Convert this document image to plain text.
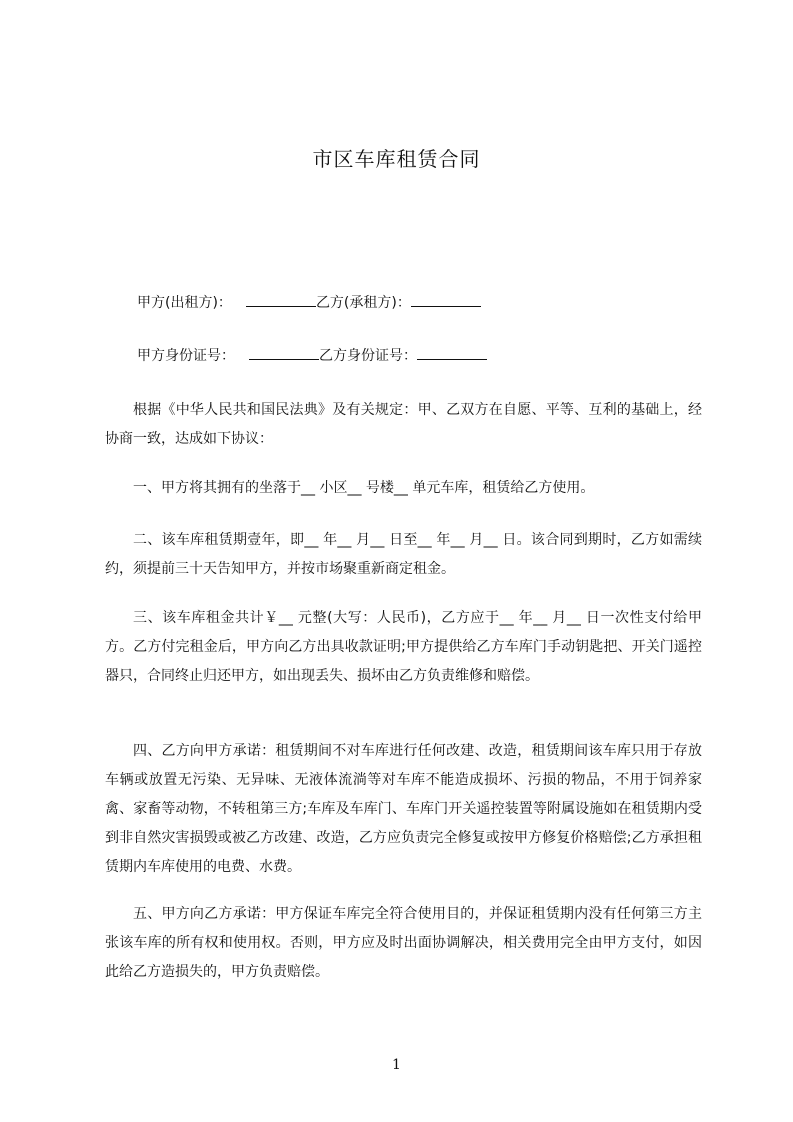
市区车库租赁合同
甲方(出租方)：	乙方(承租方)：
甲方身份证号：	乙方身份证号：
根据《中华人民共和国民法典》及有关规定：甲、乙双方在自愿、平等、互利的基础上，经协商一致，达成如下协议：
一、甲方将其拥有的坐落于__ 小区__ 号楼__ 单元车库，租赁给乙方使用。
二、该车库租赁期壹年，即__ 年__ 月__ 日至__ 年__ 月__ 日。该合同到期时，乙方如需续约，须提前三十天告知甲方，并按市场聚重新商定租金。
三、该车库租金共计￥__ 元整(大写：人民币)，乙方应于__ 年__ 月__ 日一次性支付给甲方。乙方付完租金后，甲方向乙方出具收款证明;甲方提供给乙方车库门手动钥匙把、开关门遥控器只，合同终止归还甲方，如出现丢失、损坏由乙方负责维修和赔偿。
四、乙方向甲方承诺：租赁期间不对车库进行任何改建、改造，租赁期间该车库只用于存放车辆或放置无污染、无异味、无液体流淌等对车库不能造成损坏、污损的物品，不用于饲养家禽、家畜等动物，不转租第三方;车库及车库门、车库门开关遥控装置等附属设施如在租赁期内受到非自然灾害损毁或被乙方改建、改造，乙方应负责完全修复或按甲方修复价格赔偿;乙方承担租赁期内车库使用的电费、水费。
五、甲方向乙方承诺：甲方保证车库完全符合使用目的，并保证租赁期内没有任何第三方主张该车库的所有权和使用权。否则，甲方应及时出面协调解决，相关费用完全由甲方支付，如因此给乙方造损失的，甲方负责赔偿。
1
